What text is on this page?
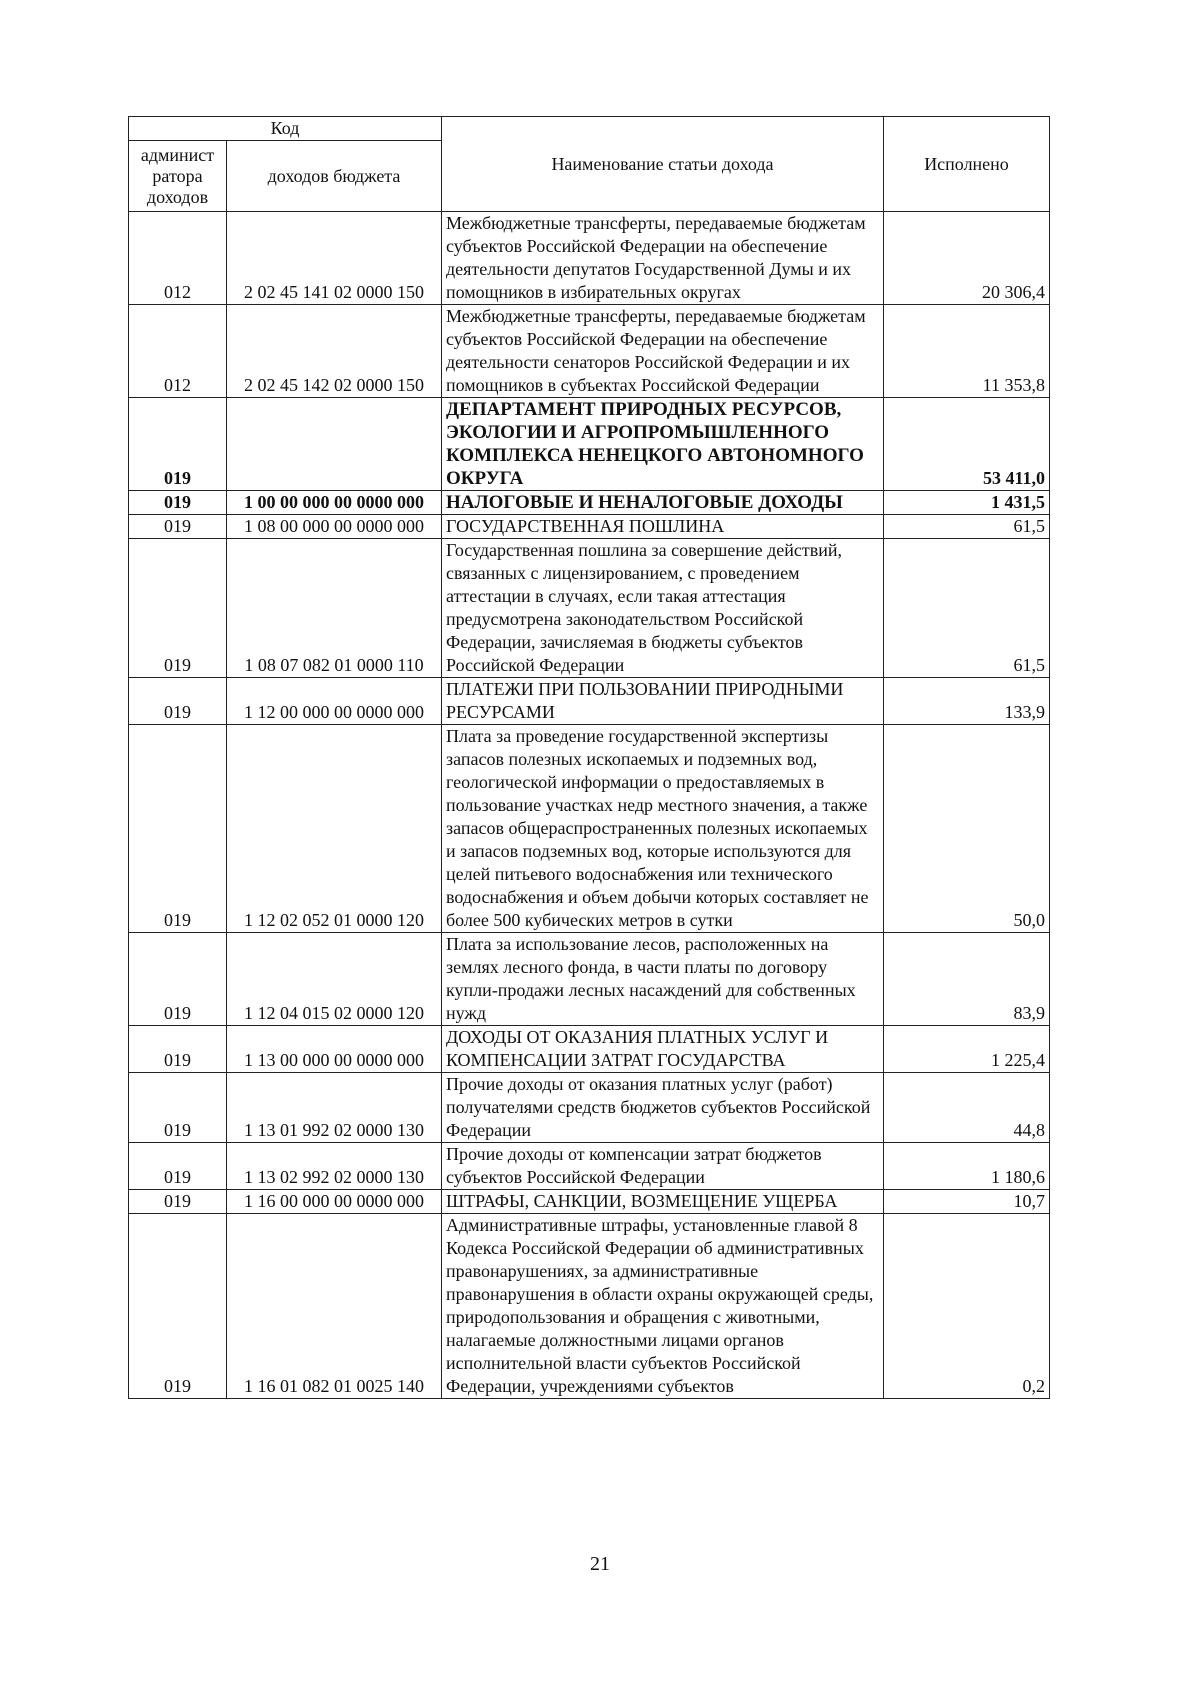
Код		Наименование статьи дохода	Исполнено
админист ратора доходов	доходов бюджета		
012	2 02 45 141 02 0000 150	Межбюджетные трансферты, передаваемые бюджетам субъектов Российской Федерации на обеспечение деятельности депутатов Государственной Думы и их помощников в избирательных округах	20 306,4
012	2 02 45 142 02 0000 150	Межбюджетные трансферты, передаваемые бюджетам субъектов Российской Федерации на обеспечение деятельности сенаторов Российской Федерации и их помощников в субъектах Российской Федерации	11 353,8
019		ДЕПАРТАМЕНТ ПРИРОДНЫХ РЕСУРСОВ, ЭКОЛОГИИ И АГРОПРОМЫШЛЕННОГО КОМПЛЕКСА НЕНЕЦКОГО АВТОНОМНОГО ОКРУГА	53 411,0
019	1 00 00 000 00 0000 000	НАЛОГОВЫЕ И НЕНАЛОГОВЫЕ ДОХОДЫ	1 431,5
019	1 08 00 000 00 0000 000	ГОСУДАРСТВЕННАЯ ПОШЛИНА	61,5
019	1 08 07 082 01 0000 110	Государственная пошлина за совершение действий, связанных с лицензированием, с проведением аттестации в случаях, если такая аттестация предусмотрена законодательством Российской Федерации, зачисляемая в бюджеты субъектов Российской Федерации	61,5
019	1 12 00 000 00 0000 000	ПЛАТЕЖИ ПРИ ПОЛЬЗОВАНИИ ПРИРОДНЫМИ РЕСУРСАМИ	133,9
019	1 12 02 052 01 0000 120	Плата за проведение государственной экспертизы запасов полезных ископаемых и подземных вод, геологической информации о предоставляемых в пользование участках недр местного значения, а также запасов общераспространенных полезных ископаемых и запасов подземных вод, которые используются для целей питьевого водоснабжения или технического водоснабжения и объем добычи которых составляет не более 500 кубических метров в сутки	50,0
019	1 12 04 015 02 0000 120	Плата за использование лесов, расположенных на землях лесного фонда, в части платы по договору купли-продажи лесных насаждений для собственных нужд	83,9
019	1 13 00 000 00 0000 000	ДОХОДЫ ОТ ОКАЗАНИЯ ПЛАТНЫХ УСЛУГ И КОМПЕНСАЦИИ ЗАТРАТ ГОСУДАРСТВА	1 225,4
019	1 13 01 992 02 0000 130	Прочие доходы от оказания платных услуг (работ) получателями средств бюджетов субъектов Российской Федерации	44,8
019	1 13 02 992 02 0000 130	Прочие доходы от компенсации затрат бюджетов субъектов Российской Федерации	1 180,6
019	1 16 00 000 00 0000 000	ШТРАФЫ, САНКЦИИ, ВОЗМЕЩЕНИЕ УЩЕРБА	10,7
019	1 16 01 082 01 0025 140	Административные штрафы, установленные главой 8 Кодекса Российской Федерации об административных правонарушениях, за административные правонарушения в области охраны окружающей среды, природопользования и обращения с животными, налагаемые должностными лицами органов исполнительной власти субъектов Российской Федерации, учреждениями субъектов	0,2
21
